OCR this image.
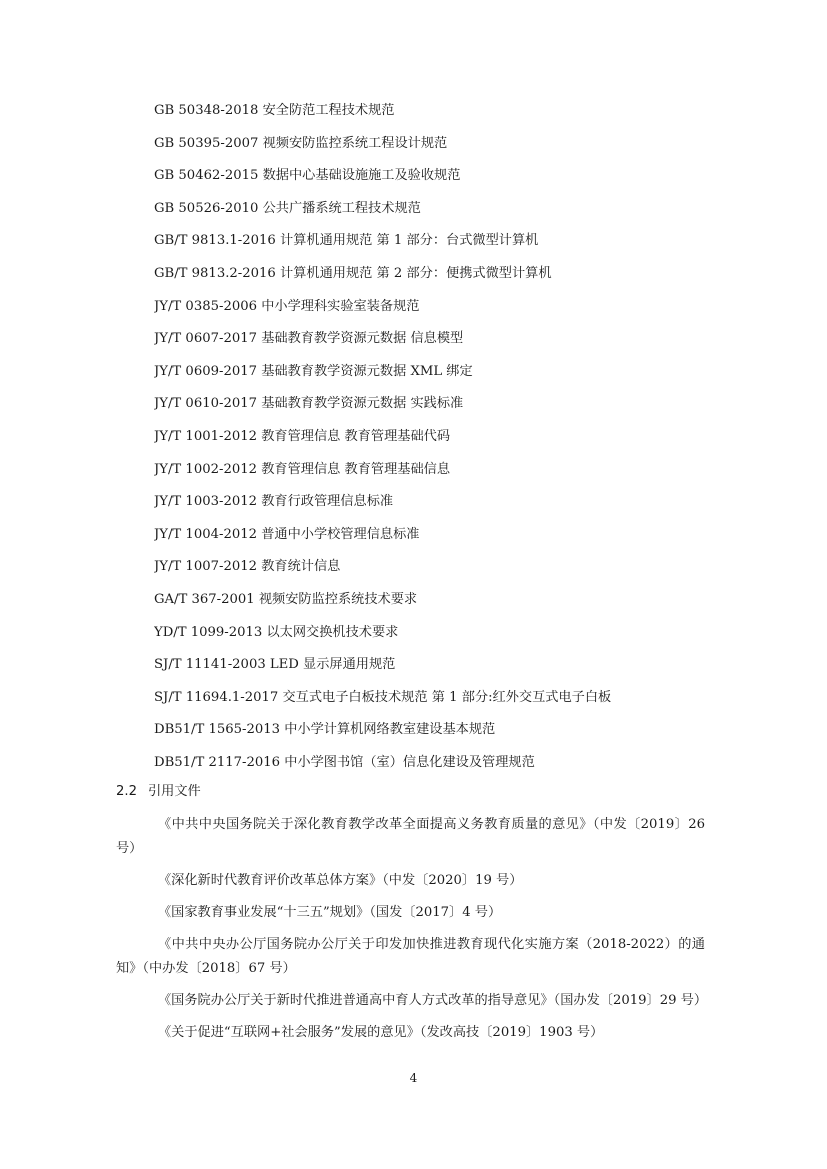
GB 50348-2018 安全防范工程技术规范
GB 50395-2007 视频安防监控系统工程设计规范
GB 50462-2015 数据中心基础设施施工及验收规范
GB 50526-2010 公共广播系统工程技术规范
GB/T 9813.1-2016 计算机通用规范 第 1 部分：台式微型计算机
GB/T 9813.2-2016 计算机通用规范 第 2 部分：便携式微型计算机
JY/T 0385-2006 中小学理科实验室装备规范
JY/T 0607-2017 基础教育教学资源元数据 信息模型
JY/T 0609-2017 基础教育教学资源元数据 XML 绑定
JY/T 0610-2017 基础教育教学资源元数据 实践标准
JY/T 1001-2012 教育管理信息 教育管理基础代码
JY/T 1002-2012 教育管理信息 教育管理基础信息
JY/T 1003-2012 教育行政管理信息标准
JY/T 1004-2012 普通中小学校管理信息标准
JY/T 1007-2012 教育统计信息
GA/T 367-2001 视频安防监控系统技术要求
YD/T 1099-2013 以太网交换机技术要求
SJ/T 11141-2003 LED 显示屏通用规范
SJ/T 11694.1-2017 交互式电子白板技术规范 第 1 部分:红外交互式电子白板
DB51/T 1565-2013 中小学计算机网络教室建设基本规范
DB51/T 2117-2016 中小学图书馆（室）信息化建设及管理规范
2.2 引用文件

《中共中央国务院关于深化教育教学改革全面提高义务教育质量的意见》（中发〔2019〕26 号）

《深化新时代教育评价改革总体方案》（中发〔2020〕19 号）

《国家教育事业发展“十三五”规划》（国发〔2017〕4 号）

《中共中央办公厅国务院办公厅关于印发加快推进教育现代化实施方案（2018-2022）的通知》（中办发〔2018〕67 号）

《国务院办公厅关于新时代推进普通高中育人方式改革的指导意见》（国办发〔2019〕29 号）

《关于促进“互联网+社会服务”发展的意见》（发改高技〔2019〕1903 号）

4
